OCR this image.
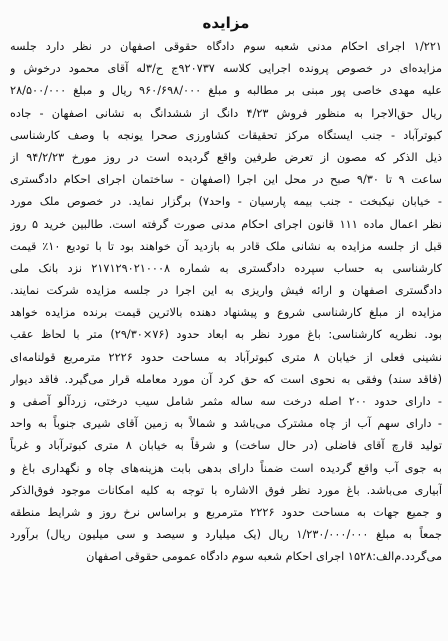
مزایده
۱/۲۲۱ اجرای احکام مدنی شعبه سوم دادگاه حقوقی اصفهان در نظر دارد جلسه
مزایده‌ای در خصوص پرونده اجرایی کلاسه ۹۲۰۷۳۷ج ح/۳له آقای محمود درخوش و
علیه مهدی خاصی پور مبنی بر مطالبه و مبلغ ۹۶۰/۶۹۸/۰۰۰ ریال و مبلغ ۲۸/۵۰۰/۰۰۰
ریال حق‌الاجرا به منظور فروش ۴/۲۳ دانگ از ششدانگ به نشانی اصفهان - جاده
کبوترآباد - جنب ایستگاه مرکز تحقیقات کشاورزی صحرا یونجه با وصف کارشناسی
ذیل الذکر که مصون از تعرض طرفین واقع گردیده است در روز مورخ ۹۴/۲/۲۳ از
ساعت ۹ تا ۹/۳۰ صبح در محل این اجرا (اصفهان - ساختمان اجرای احکام دادگستری
- خیابان نیکبخت - جنب بیمه پارسیان - واحد۷) برگزار نماید. در خصوص ملک مورد
نظر اعمال ماده ۱۱۱ قانون اجرای احکام مدنی صورت گرفته است. طالبین خرید ۵ روز
قبل از جلسه مزایده به نشانی ملک قادر به بازدید آن خواهند بود تا با تودیع ۱۰٪ قیمت
کارشناسی به حساب سپرده دادگستری به شماره ۲۱۷۱۲۹۰۲۱۰۰۰۸ نزد بانک ملی
دادگستری اصفهان و ارائه فیش واریزی به این اجرا در جلسه مزایده شرکت نمایند.
مزایده از مبلغ کارشناسی شروع و پیشنهاد دهنده بالاترین قیمت برنده مزایده خواهد
بود. نظریه کارشناسی: باغ مورد نظر به ابعاد حدود (۷۶×۲۹/۳۰) متر با لحاظ عقب
نشینی فعلی از خیابان ۸ متری کبوترآباد به مساحت حدود ۲۲۲۶ مترمربع قولنامه‌ای
(فاقد سند) وفقی به نحوی است که حق کرد آن مورد معامله قرار می‌گیرد. فاقد دیوار
- دارای حدود ۲۰۰ اصله درخت سه ساله مثمر شامل سیب درختی، زردآلو آصفی و
- دارای سهم آب از چاه مشترک می‌باشد و شمالاً به زمین آقای شیری جنوباً به واحد
تولید قارچ آقای فاضلی (در حال ساخت) و شرقاً به خیابان ۸ متری کبوترآباد و غرباً
به جوی آب واقع گردیده است ضمناً دارای بدهی بابت هزینه‌های چاه و نگهداری باغ و
آبیاری می‌باشد. باغ مورد نظر فوق الاشاره با توجه به کلیه امکانات موجود فوق‌الذکر
و جمیع جهات به مساحت حدود ۲۲۲۶ مترمربع و براساس نرخ روز و شرایط منطقه
جمعاً به مبلغ ۱/۲۳۰/۰۰۰/۰۰۰ ریال (یک میلیارد و سیصد و سی میلیون ریال) برآورد
می‌گردد.م‌الف:۱۵۲۸ اجرای احکام شعبه سوم دادگاه عمومی حقوقی اصفهان
